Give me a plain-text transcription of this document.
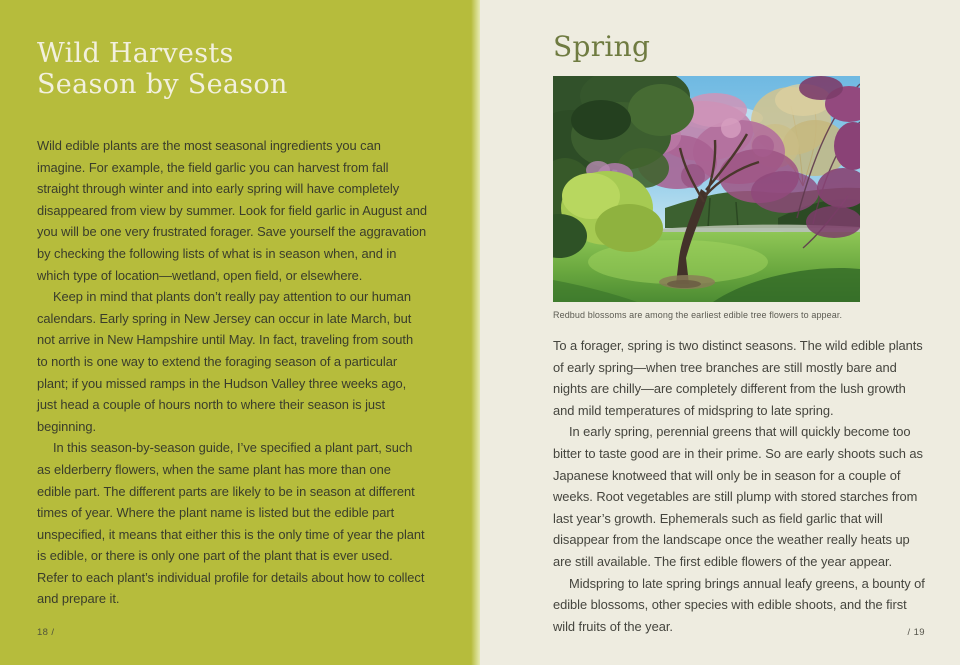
Wild Harvests
Season by Season

Wild edible plants are the most seasonal ingredients you can imagine. For example, the field garlic you can harvest from fall straight through winter and into early spring will have completely disappeared from view by summer. Look for field garlic in August and you will be one very frustrated forager. Save yourself the aggravation by checking the following lists of what is in season when, and in which type of location—wetland, open field, or elsewhere.

Keep in mind that plants don’t really pay attention to our human calendars. Early spring in New Jersey can occur in late March, but not arrive in New Hampshire until May. In fact, traveling from south to north is one way to extend the foraging season of a particular plant; if you missed ramps in the Hudson Valley three weeks ago, just head a couple of hours north to where their season is just beginning.

In this season-by-season guide, I’ve specified a plant part, such as elderberry flowers, when the same plant has more than one edible part. The different parts are likely to be in season at different times of year. Where the plant name is listed but the edible part unspecified, it means that either this is the only time of year the plant is edible, or there is only one part of the plant that is ever used. Refer to each plant’s individual profile for details about how to collect and prepare it.

18 /
Spring
Redbud blossoms are among the earliest edible tree flowers to appear.

To a forager, spring is two distinct seasons. The wild edible plants of early spring—when tree branches are still mostly bare and nights are chilly—are completely different from the lush growth and mild temperatures of midspring to late spring.

In early spring, perennial greens that will quickly become too bitter to taste good are in their prime. So are early shoots such as Japanese knotweed that will only be in season for a couple of weeks. Root vegetables are still plump with stored starches from last year’s growth. Ephemerals such as field garlic that will disappear from the landscape once the weather really heats up are still available. The first edible flowers of the year appear.

Midspring to late spring brings annual leafy greens, a bounty of edible blossoms, other species with edible shoots, and the first wild fruits of the year.	/ 19
